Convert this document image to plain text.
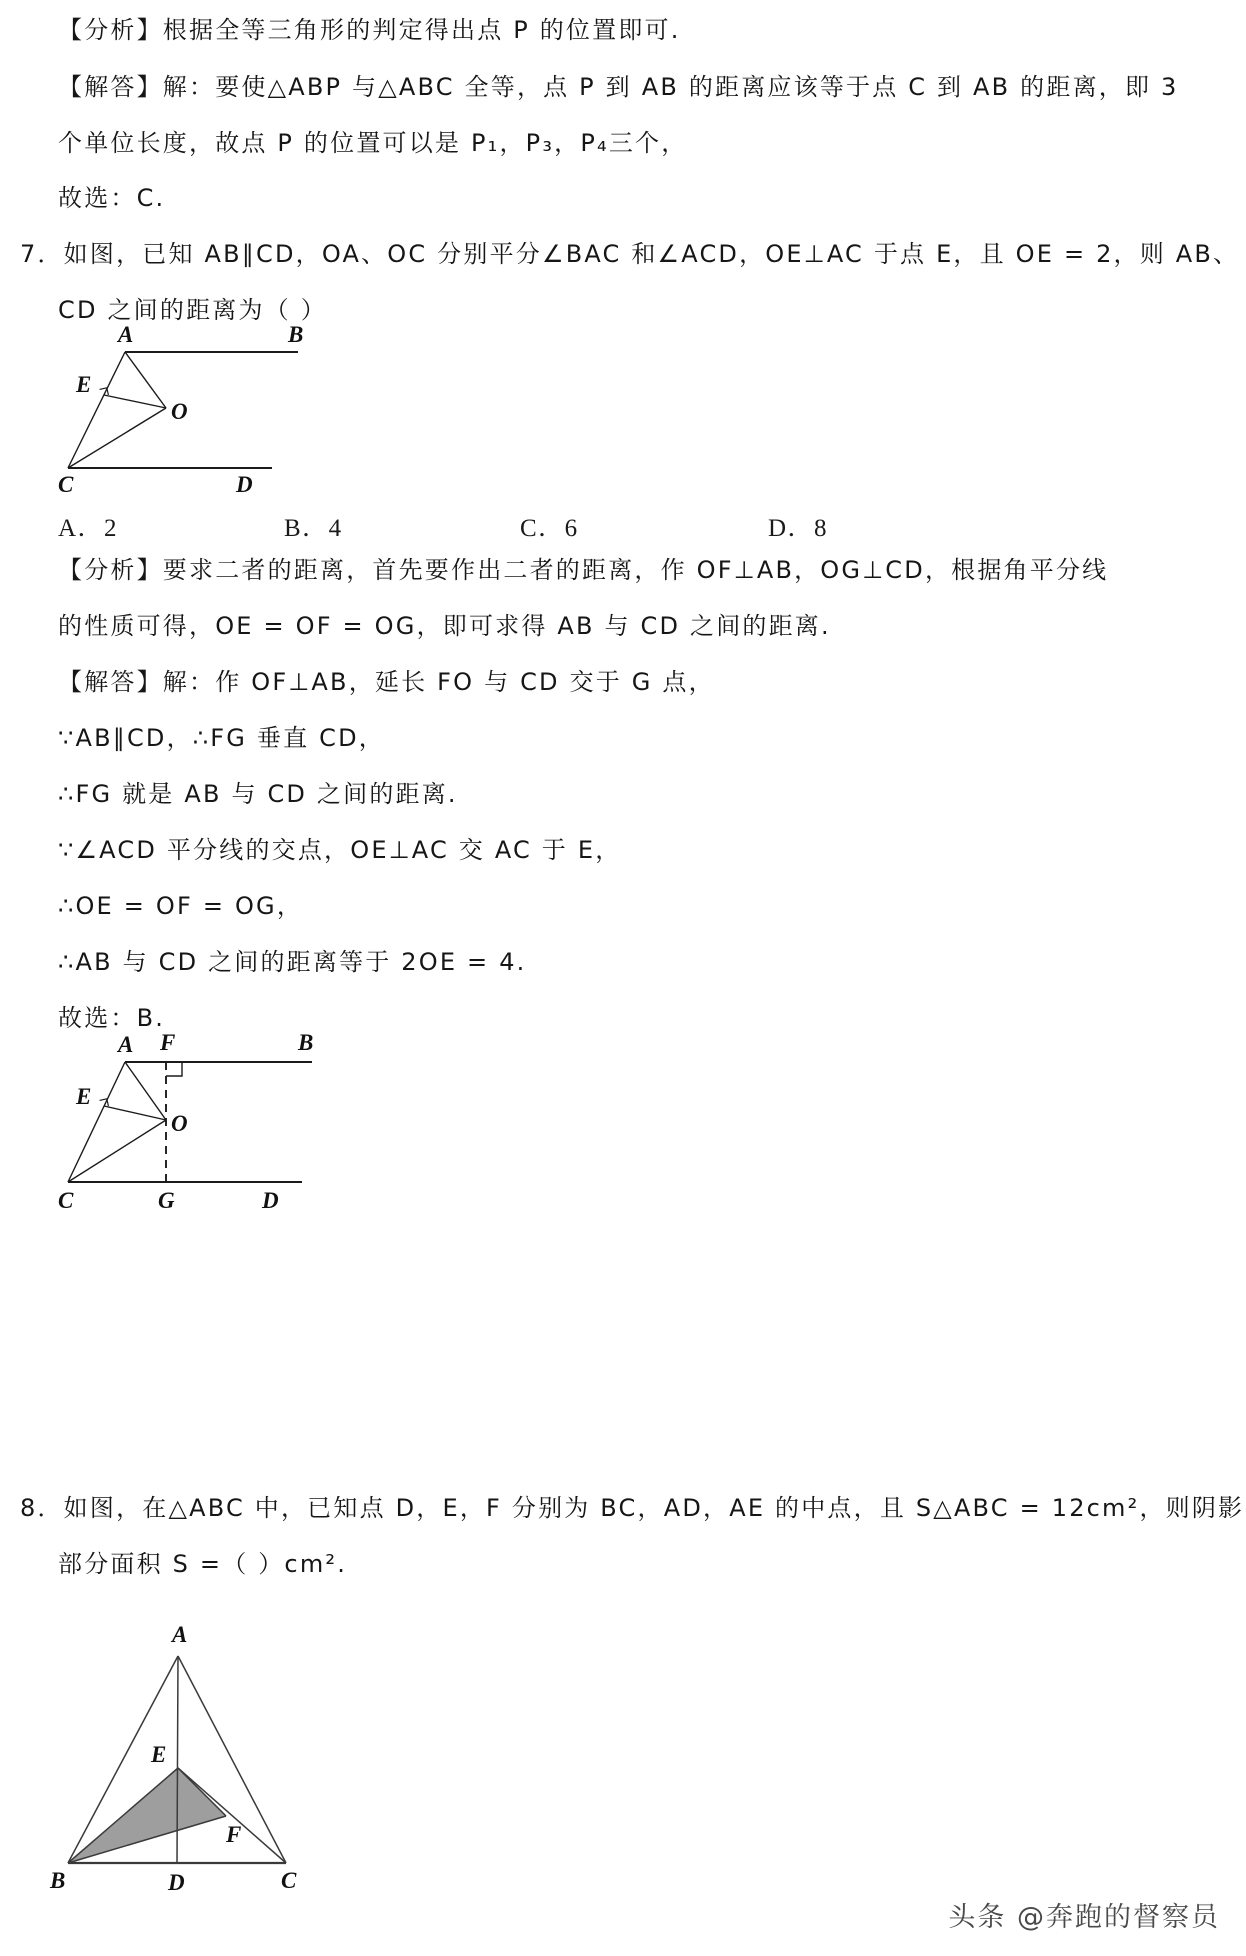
【分析】根据全等三角形的判定得出点 P 的位置即可.
【解答】解：要使△ABP 与△ABC 全等，点 P 到 AB 的距离应该等于点 C 到 AB 的距离，即 3
个单位长度，故点 P 的位置可以是 P₁，P₃，P₄三个，
故选：C.
7．如图，已知 AB∥CD，OA、OC 分别平分∠BAC 和∠ACD，OE⊥AC 于点 E，且 OE = 2，则 AB、
CD 之间的距离为（ ）
A	B
C	D
E
O
A．2	B．4	C．6	D．8
【分析】要求二者的距离，首先要作出二者的距离，作 OF⊥AB，OG⊥CD，根据角平分线
的性质可得，OE = OF = OG，即可求得 AB 与 CD 之间的距离.
【解答】解：作 OF⊥AB，延长 FO 与 CD 交于 G 点，
∵AB∥CD，∴FG 垂直 CD，
∴FG 就是 AB 与 CD 之间的距离.
∵∠ACD 平分线的交点，OE⊥AC 交 AC 于 E，
∴OE = OF = OG，
∴AB 与 CD 之间的距离等于 2OE = 4.
故选：B.
A F	B
E
O
C	G	D
8．如图，在△ABC 中，已知点 D，E，F 分别为 BC，AD，AE 的中点，且 S△ABC = 12cm²，则阴影
部分面积 S =（ ）cm².
A
E
F
B	D	C
头条 @奔跑的督察员
